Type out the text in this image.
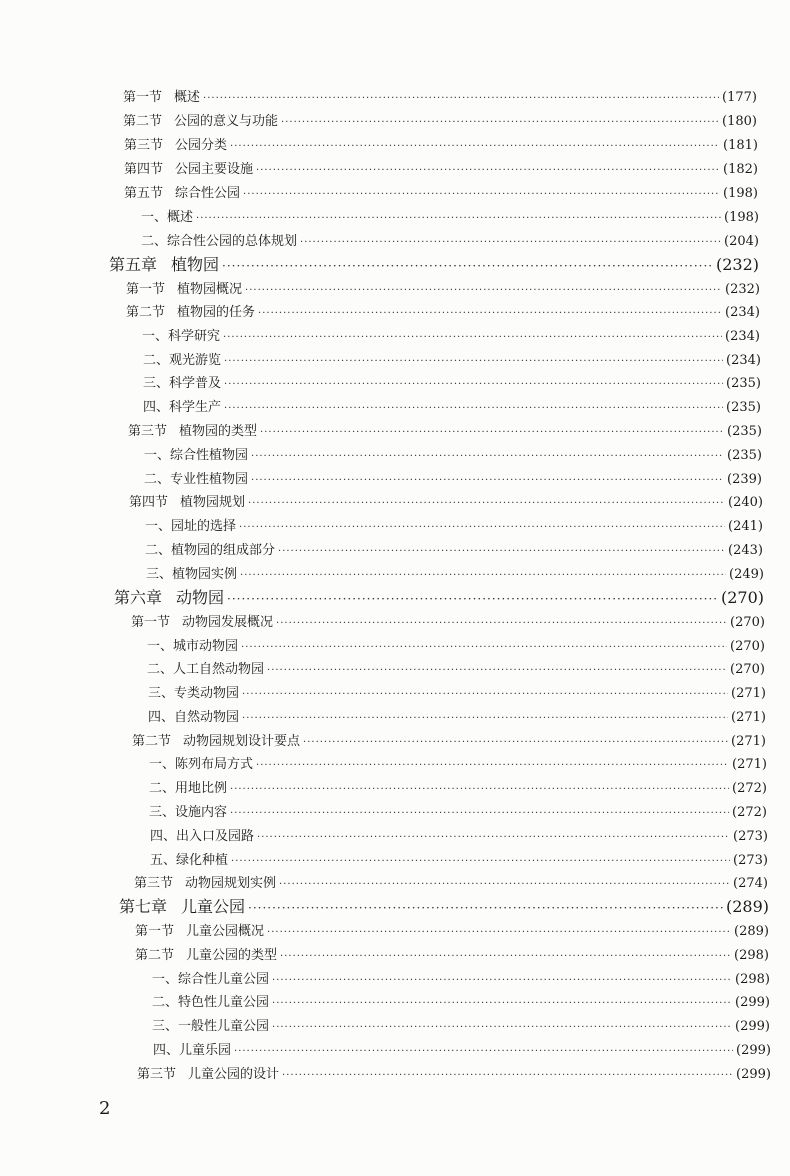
第一节 概述 ·····	(177)
第二节 公园的意义与功能 ·····	(180)
第三节 公园分类 ·····	(181)
第四节 公园主要设施 ·····	(182)
第五节 综合性公园 ·····	(198)
一、概述 ·····	(198)
二、综合性公园的总体规划 ·····	(204)
第五章 植物园 ·····	(232)
第一节 植物园概况 ·····	(232)
第二节 植物园的任务 ·····	(234)
一、科学研究 ·····	(234)
二、观光游览 ·····	(234)
三、科学普及 ·····	(235)
四、科学生产 ·····	(235)
第三节 植物园的类型 ·····	(235)
一、综合性植物园 ·····	(235)
二、专业性植物园 ·····	(239)
第四节 植物园规划 ·····	(240)
一、园址的选择 ·····	(241)
二、植物园的组成部分 ·····	(243)
三、植物园实例 ·····	(249)
第六章 动物园 ·····	(270)
第一节 动物园发展概况 ·····	(270)
一、城市动物园 ·····	(270)
二、人工自然动物园 ·····	(270)
三、专类动物园 ·····	(271)
四、自然动物园 ·····	(271)
第二节 动物园规划设计要点 ·····	(271)
一、陈列布局方式 ·····	(271)
二、用地比例 ·····	(272)
三、设施内容 ·····	(272)
四、出入口及园路 ·····	(273)
五、绿化种植 ·····	(273)
第三节 动物园规划实例 ·····	(274)
第七章 儿童公园 ·····	(289)
第一节 儿童公园概况 ·····	(289)
第二节 儿童公园的类型 ·····	(298)
一、综合性儿童公园 ·····	(298)
二、特色性儿童公园 ·····	(299)
三、一般性儿童公园 ·····	(299)
四、儿童乐园 ·····	(299)
第三节 儿童公园的设计 ·····	(299)
2
